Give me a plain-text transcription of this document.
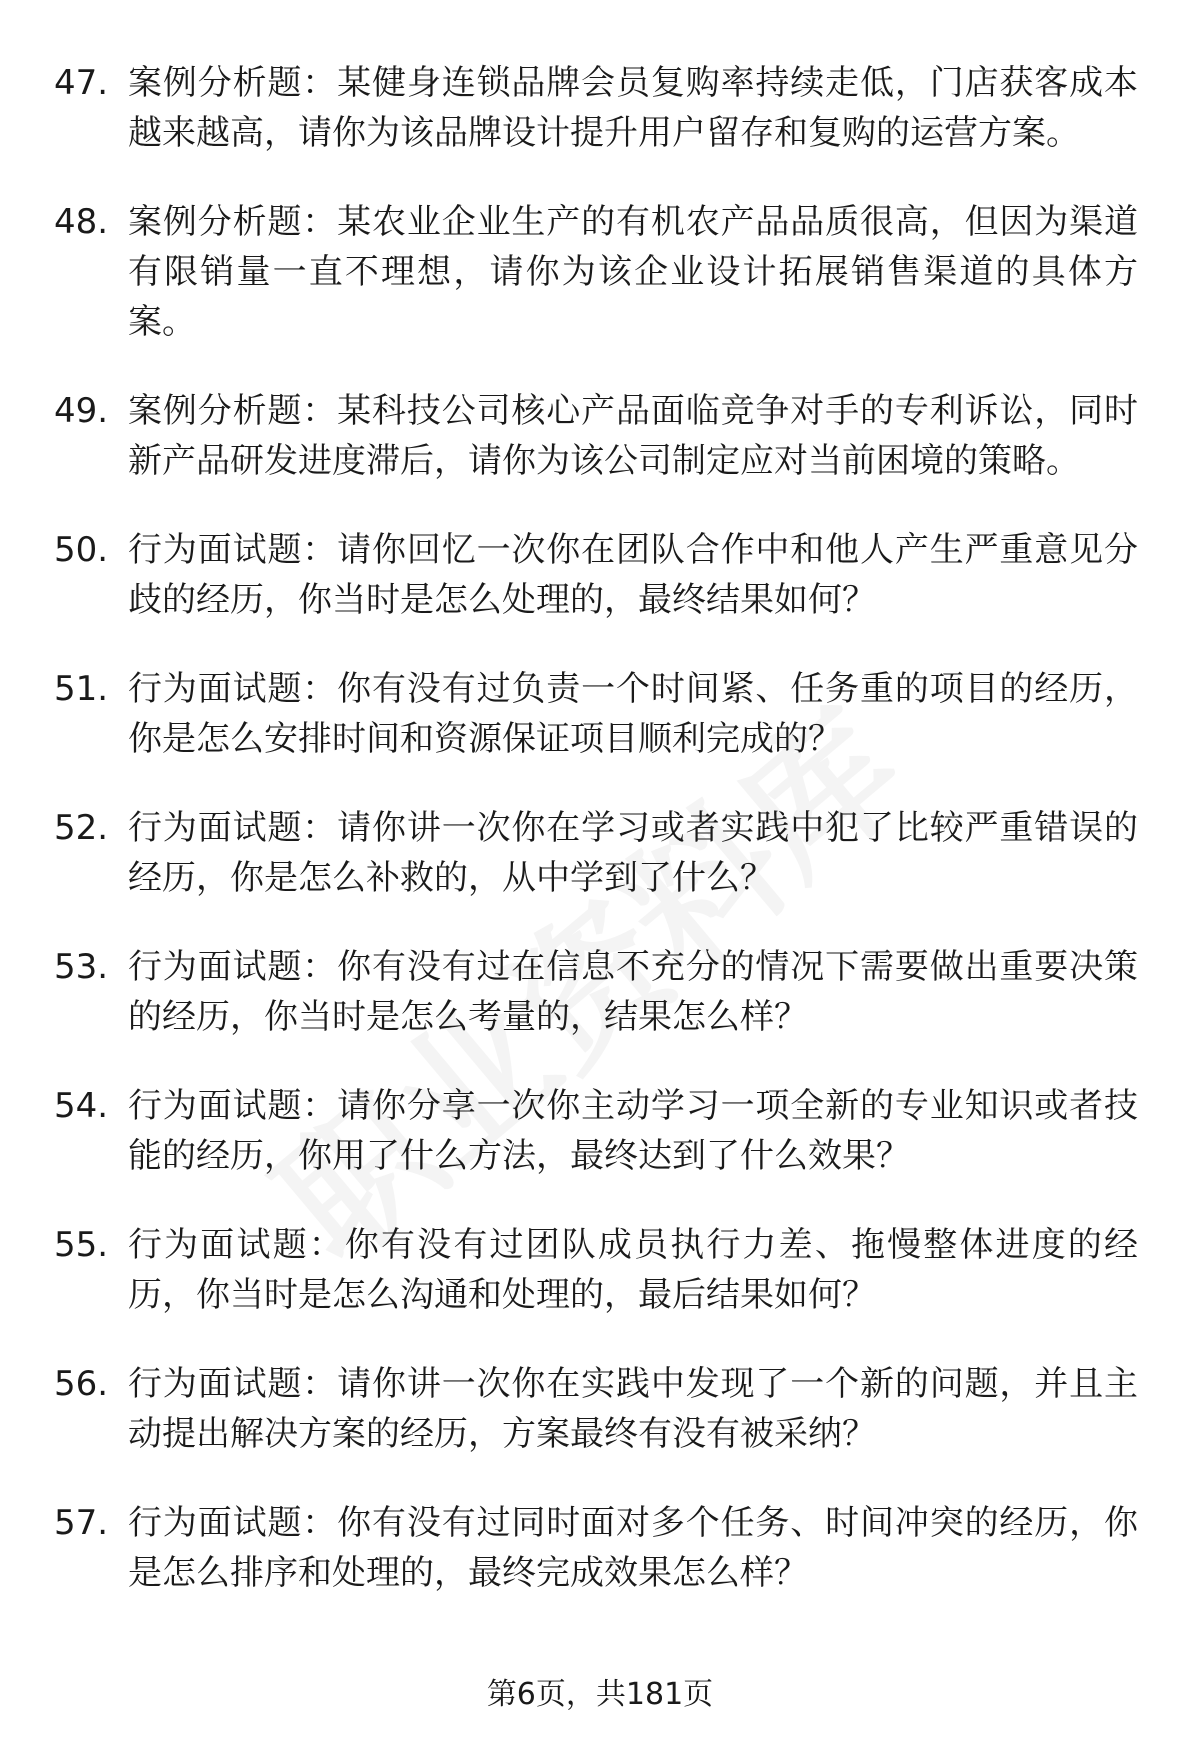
47. 案例分析题：某健身连锁品牌会员复购率持续走低，门店获客成本越来越高，请你为该品牌设计提升用户留存和复购的运营方案。
48. 案例分析题：某农业企业生产的有机农产品品质很高，但因为渠道有限销量一直不理想，请你为该企业设计拓展销售渠道的具体方案。
49. 案例分析题：某科技公司核心产品面临竞争对手的专利诉讼，同时新产品研发进度滞后，请你为该公司制定应对当前困境的策略。
50. 行为面试题：请你回忆一次你在团队合作中和他人产生严重意见分歧的经历，你当时是怎么处理的，最终结果如何？
51. 行为面试题：你有没有过负责一个时间紧、任务重的项目的经历，你是怎么安排时间和资源保证项目顺利完成的？
52. 行为面试题：请你讲一次你在学习或者实践中犯了比较严重错误的经历，你是怎么补救的，从中学到了什么？
53. 行为面试题：你有没有过在信息不充分的情况下需要做出重要决策的经历，你当时是怎么考量的，结果怎么样？
54. 行为面试题：请你分享一次你主动学习一项全新的专业知识或者技能的经历，你用了什么方法，最终达到了什么效果？
55. 行为面试题：你有没有过团队成员执行力差、拖慢整体进度的经历，你当时是怎么沟通和处理的，最后结果如何？
56. 行为面试题：请你讲一次你在实践中发现了一个新的问题，并且主动提出解决方案的经历，方案最终有没有被采纳？
57. 行为面试题：你有没有过同时面对多个任务、时间冲突的经历，你是怎么排序和处理的，最终完成效果怎么样？
第6页，共181页
